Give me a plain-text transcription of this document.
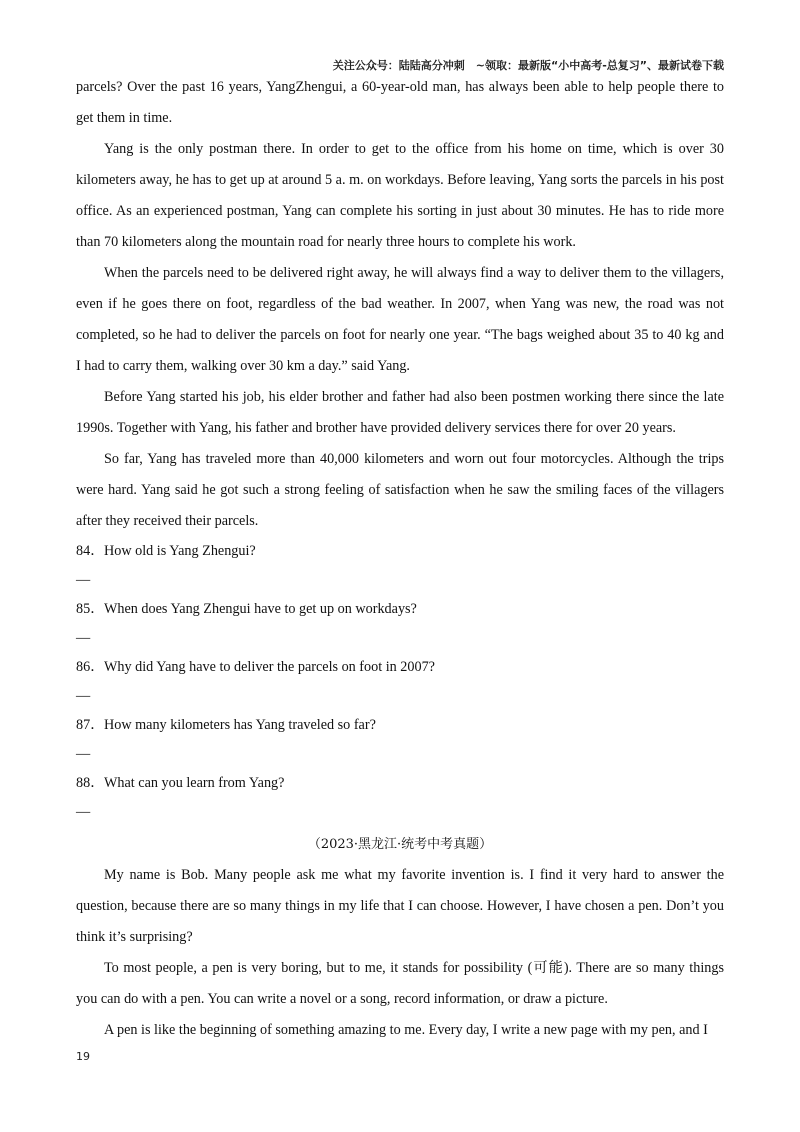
关注公众号：陆陆高分冲刺　~领取：最新版“小中高考-总复习”、最新试卷下载

parcels? Over the past 16 years, YangZhengui, a 60-year-old man, has always been able to help people there to get them in time.

Yang is the only postman there. In order to get to the office from his home on time, which is over 30 kilometers away, he has to get up at around 5 a. m. on workdays. Before leaving, Yang sorts the parcels in his post office. As an experienced postman, Yang can complete his sorting in just about 30 minutes. He has to ride more than 70 kilometers along the mountain road for nearly three hours to complete his work.

When the parcels need to be delivered right away, he will always find a way to deliver them to the villagers, even if he goes there on foot, regardless of the bad weather. In 2007, when Yang was new, the road was not completed, so he had to deliver the parcels on foot for nearly one year. “The bags weighed about 35 to 40 kg and I had to carry them, walking over 30 km a day.” said Yang.

Before Yang started his job, his elder brother and father had also been postmen working there since the late 1990s. Together with Yang, his father and brother have provided delivery services there for over 20 years.

So far, Yang has traveled more than 40,000 kilometers and worn out four motorcycles. Although the trips were hard. Yang said he got such a strong feeling of satisfaction when he saw the smiling faces of the villagers after they received their parcels.

84．How old is Yang Zhengui?

—

85．When does Yang Zhengui have to get up on workdays?

—

86．Why did Yang have to deliver the parcels on foot in 2007?

—

87．How many kilometers has Yang traveled so far?

—

88．What can you learn from Yang?

—

（2023·黑龙江·统考中考真题）

My name is Bob. Many people ask me what my favorite invention is. I find it very hard to answer the question, because there are so many things in my life that I can choose. However, I have chosen a pen. Don’t you think it’s surprising?

To most people, a pen is very boring, but to me, it stands for possibility (可能). There are so many things you can do with a pen. You can write a novel or a song, record information, or draw a picture.

A pen is like the beginning of something amazing to me. Every day, I write a new page with my pen, and I

19
